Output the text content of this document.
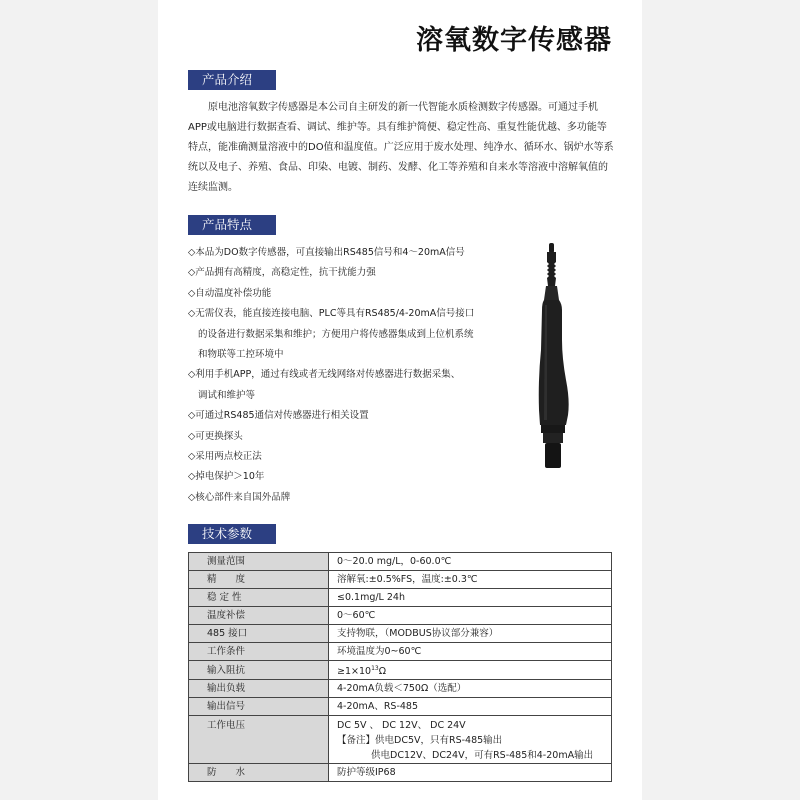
溶氧数字传感器
产品介绍

原电池溶氧数字传感器是本公司自主研发的新一代智能水质检测数字传感器。可通过手机APP或电脑进行数据查看、调试、维护等。具有维护简便、稳定性高、重复性能优越、多功能等特点，能准确测量溶液中的DO值和温度值。广泛应用于废水处理、纯净水、循环水、锅炉水等系统以及电子、养殖、食品、印染、电镀、制药、发酵、化工等养殖和自来水等溶液中溶解氧值的连续监测。

产品特点
◇本品为DO数字传感器，可直接输出RS485信号和4～20mA信号
◇产品拥有高精度，高稳定性，抗干扰能力强
◇自动温度补偿功能
◇无需仪表，能直接连接电脑、PLC等具有RS485/4-20mA信号接口
的设备进行数据采集和维护；方便用户将传感器集成到上位机系统
和物联等工控环境中
◇利用手机APP，通过有线或者无线网络对传感器进行数据采集、
调试和维护等
◇可通过RS485通信对传感器进行相关设置
◇可更换探头
◇采用两点校正法
◇掉电保护＞10年
◇核心部件来自国外品牌
技术参数
测量范围	0～20.0 mg/L，0-60.0℃
精　　度	溶解氧:±0.5%FS，温度:±0.3℃
稳 定 性	≤0.1mg/L 24h
温度补偿	0～60℃
485 接口	支持物联，（MODBUS协议部分兼容）
工作条件	环境温度为0~60℃
输入阻抗	$\ge 1\times 10^{13}\Omega$
输出负载	4-20mA负载＜750Ω（选配）
输出信号	4-20mA、RS-485
工作电压	DC 5V 、 DC 12V、 DC 24V
【备注】供电DC5V，只有RS-485输出
供电DC12V、DC24V，可有RS-485和4-20mA输出

防　　水	防护等级IP68
